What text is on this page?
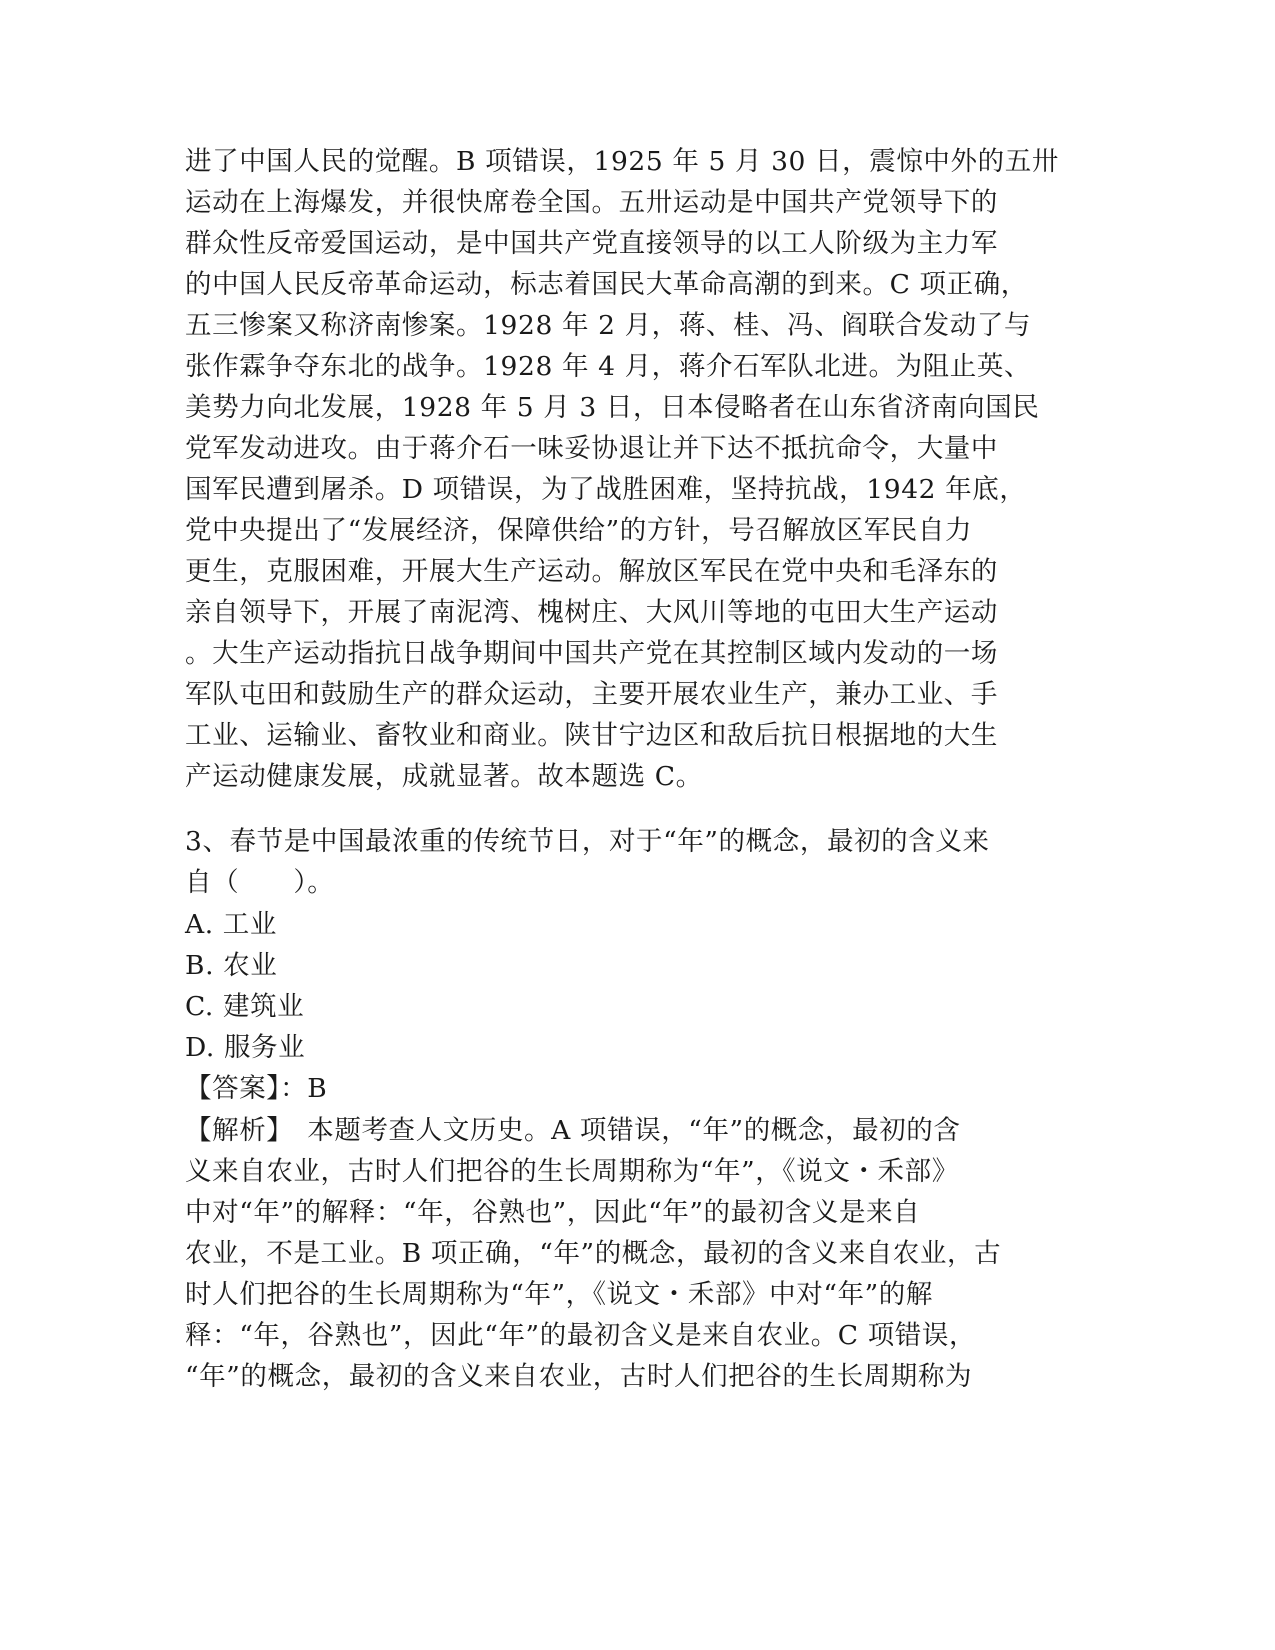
进了中国人民的觉醒。B 项错误，1925 年 5 月 30 日，震惊中外的五卅
运动在上海爆发，并很快席卷全国。五卅运动是中国共产党领导下的
群众性反帝爱国运动，是中国共产党直接领导的以工人阶级为主力军
的中国人民反帝革命运动，标志着国民大革命高潮的到来。C 项正确，
五三惨案又称济南惨案。1928 年 2 月，蒋、桂、冯、阎联合发动了与
张作霖争夺东北的战争。1928 年 4 月，蒋介石军队北进。为阻止英、
美势力向北发展，1928 年 5 月 3 日，日本侵略者在山东省济南向国民
党军发动进攻。由于蒋介石一味妥协退让并下达不抵抗命令，大量中
国军民遭到屠杀。D 项错误，为了战胜困难，坚持抗战，1942 年底，
党中央提出了“发展经济，保障供给”的方针，号召解放区军民自力
更生，克服困难，开展大生产运动。解放区军民在党中央和毛泽东的
亲自领导下，开展了南泥湾、槐树庄、大风川等地的屯田大生产运动
。大生产运动指抗日战争期间中国共产党在其控制区域内发动的一场
军队屯田和鼓励生产的群众运动，主要开展农业生产，兼办工业、手
工业、运输业、畜牧业和商业。陕甘宁边区和敌后抗日根据地的大生
产运动健康发展，成就显著。故本题选 C。
3、春节是中国最浓重的传统节日，对于“年”的概念，最初的含义来
自（　　）。
A. 工业
B. 农业
C. 建筑业
D. 服务业
【答案】：B
【解析】　本题考查人文历史。A 项错误，“年”的概念，最初的含
义来自农业，古时人们把谷的生长周期称为“年”，《说文・禾部》
中对“年”的解释：“年，谷熟也”，因此“年”的最初含义是来自
农业，不是工业。B 项正确，“年”的概念，最初的含义来自农业，古
时人们把谷的生长周期称为“年”，《说文・禾部》中对“年”的解
释：“年，谷熟也”，因此“年”的最初含义是来自农业。C 项错误，
“年”的概念，最初的含义来自农业，古时人们把谷的生长周期称为
